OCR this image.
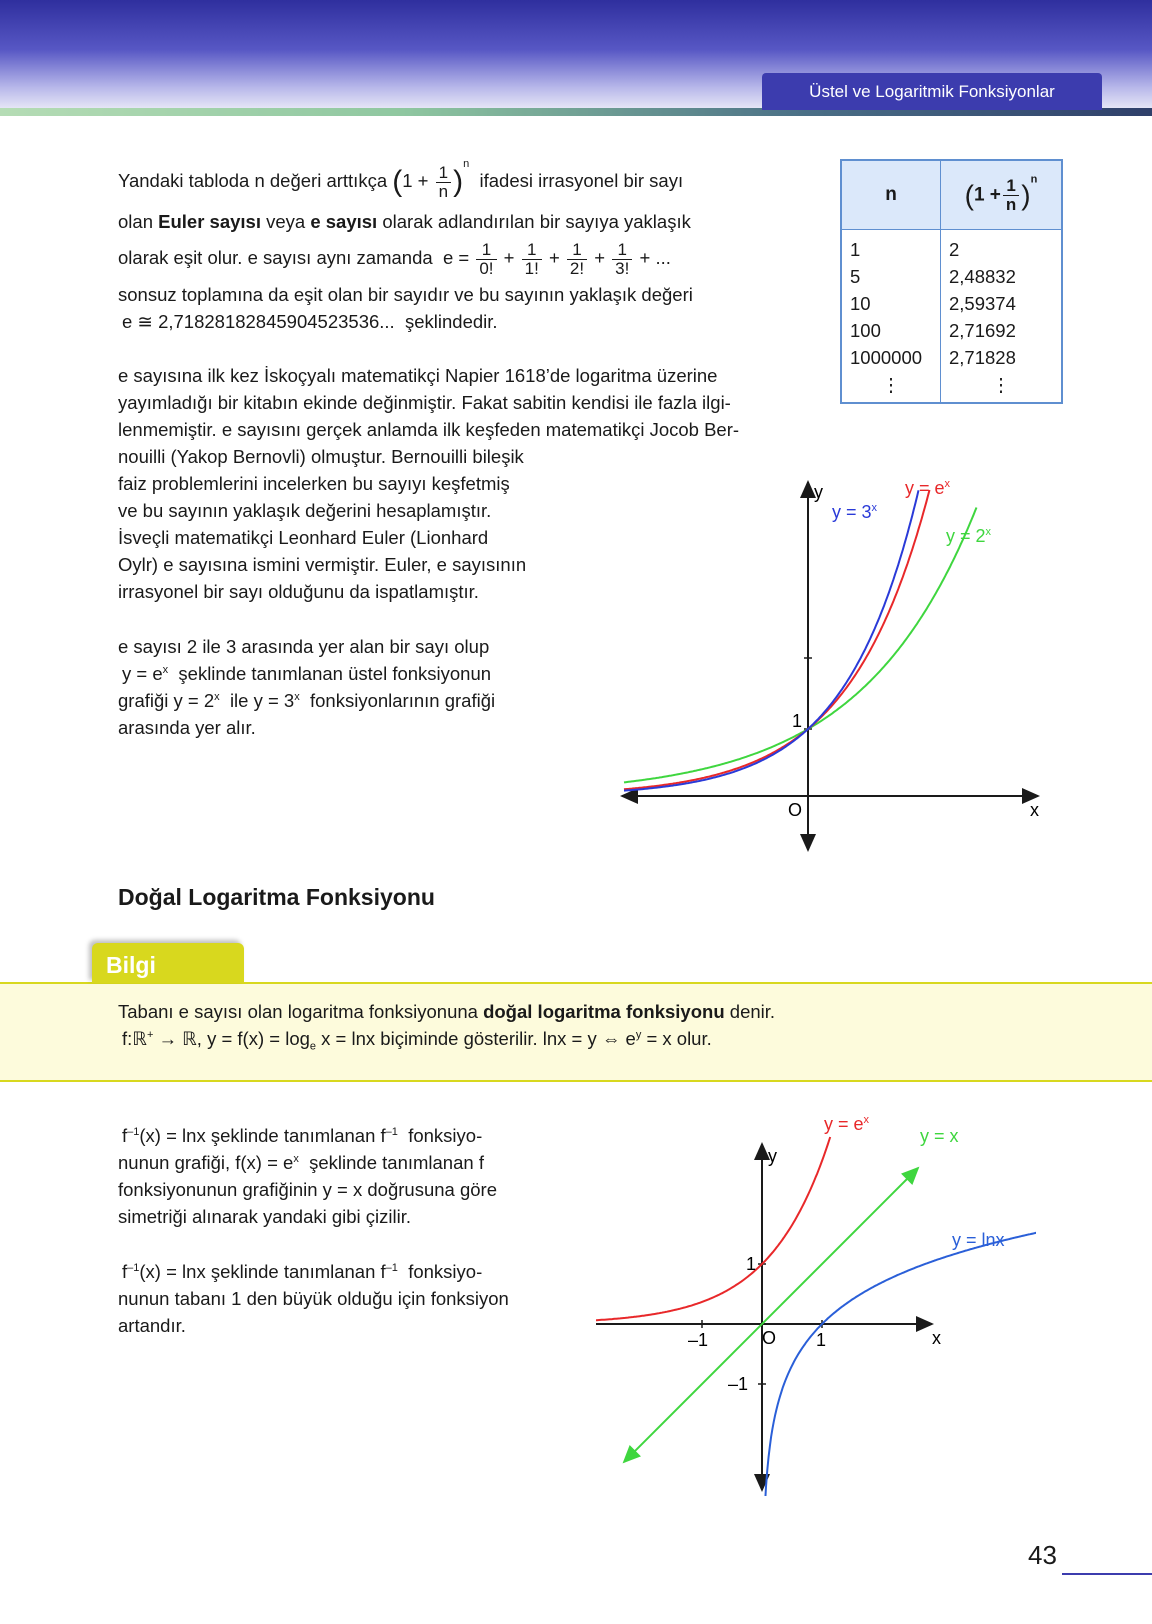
Üstel ve Logaritmik Fonksiyonlar

Yandaki tabloda n değeri arttıkça $(1 + \frac{1}{n} )^n$  ifadesi irrasyonel bir sayı

olan Euler sayısı veya e sayısı olarak adlandırılan bir sayıya yaklaşık

olarak eşit olur. e sayısı aynı zamanda $e = \frac{1}{0!} + \frac{1}{1!} + \frac{1}{2!} + \frac{1}{3!}$ + ...

sonsuz toplamına da eşit olan bir sayıdır ve bu sayının yaklaşık değeri

e ≅ 2,71828182845904523536... şeklindedir.

n	$(1 + \frac{1}{n} )^n$
1	2
5	2,48832
10	2,59374
100	2,71692
1000000	2,71828
⋮	⋮

e sayısına ilk kez İskoçyalı matematikçi Napier 1618’de logaritma üzerine

yayımladığı bir kitabın ekinde değinmiştir. Fakat sabitin kendisi ile fazla ilgi-

lenmemiştir. e sayısını gerçek anlamda ilk keşfeden matematikçi Jocob Ber-

nouilli (Yakop Bernovli) olmuştur. Bernouilli bileşik

faiz problemlerini incelerken bu sayıyı keşfetmiş

ve bu sayının yaklaşık değerini hesaplamıştır.

İsveçli matematikçi Leonhard Euler (Lionhard

Oylr) e sayısına ismini vermiştir. Euler, e sayısının

irrasyonel bir sayı olduğunu da ispatlamıştır.

e sayısı 2 ile 3 arasında yer alan bir sayı olup

$y = e^x$ şeklinde tanımlanan üstel fonksiyonun

grafiği $y = 2^x$ ile $y = 3^x$ fonksiyonlarının grafiği

arasında yer alır.

y
x
O
1
$y = e^x$
$y = 3^x$
$y = 2^x$
Doğal Logaritma Fonksiyonu

Tabanı e sayısı olan logaritma fonksiyonuna doğal logaritma fonksiyonu denir.

f:ℝ+ → ℝ, $y = f(x) = \log_e x = \ln x$ biçiminde gösterilir. lnx = y ⇔ $e^y = x$ olur.

Bilgi

$f^{-1}(x) = \ln x$ şeklinde tanımlanan $f^{-1}$ fonksiyo-

nunun grafiği, $f(x) = e^x$ şeklinde tanımlanan f

fonksiyonunun grafiğinin y = x doğrusuna göre

simetriği alınarak yandaki gibi çizilir.

$f^{-1}(x) = \ln x$ şeklinde tanımlanan $f^{-1}$ fonksiyo-

nunun tabanı 1 den büyük olduğu için fonksiyon

artandır.

y
x
O
1
1
–1
–1
$y = e^x$
y = x
y = lnx
43
